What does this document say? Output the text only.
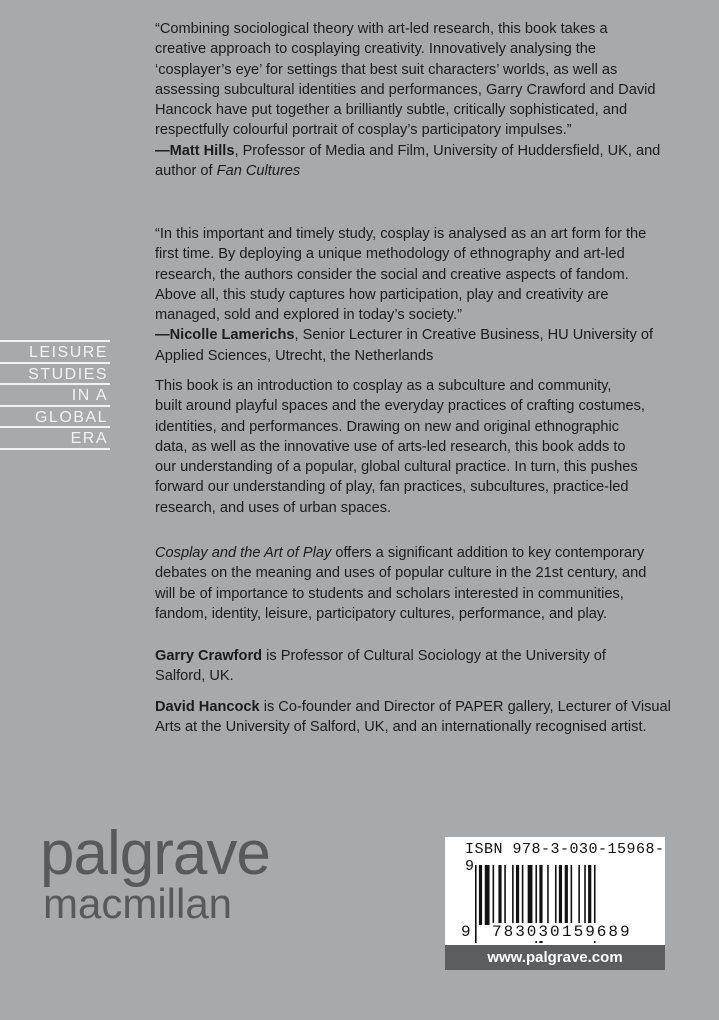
“Combining sociological theory with art-led research, this book takes a
creative approach to cosplaying creativity. Innovatively analysing the
‘cosplayer’s eye’ for settings that best suit characters’ worlds, as well as
assessing subcultural identities and performances, Garry Crawford and David
Hancock have put together a brilliantly subtle, critically sophisticated, and
respectfully colourful portrait of cosplay’s participatory impulses.”
—Matt Hills, Professor of Media and Film, University of Huddersfield, UK, and
author of Fan Cultures
“In this important and timely study, cosplay is analysed as an art form for the
first time. By deploying a unique methodology of ethnography and art-led
research, the authors consider the social and creative aspects of fandom.
Above all, this study captures how participation, play and creativity are
managed, sold and explored in today’s society.”
—Nicolle Lamerichs, Senior Lecturer in Creative Business, HU University of
Applied Sciences, Utrecht, the Netherlands
This book is an introduction to cosplay as a subculture and community,
built around playful spaces and the everyday practices of crafting costumes,
identities, and performances. Drawing on new and original ethnographic
data, as well as the innovative use of arts-led research, this book adds to
our understanding of a popular, global cultural practice. In turn, this pushes
forward our understanding of play, fan practices, subcultures, practice-led
research, and uses of urban spaces.
Cosplay and the Art of Play offers a significant addition to key contemporary
debates on the meaning and uses of popular culture in the 21st century, and
will be of importance to students and scholars interested in communities,
fandom, identity, leisure, participatory cultures, performance, and play.
Garry Crawford is Professor of Cultural Sociology at the University of
Salford, UK.
David Hancock is Co-founder and Director of PAPER gallery, Lecturer of Visual
Arts at the University of Salford, UK, and an internationally recognised artist.
LEISURE
STUDIES
IN A
GLOBAL
ERA
palgrave
macmillan
ISBN 978-3-030-15968-9
9 783030 159689
www.palgrave.com
